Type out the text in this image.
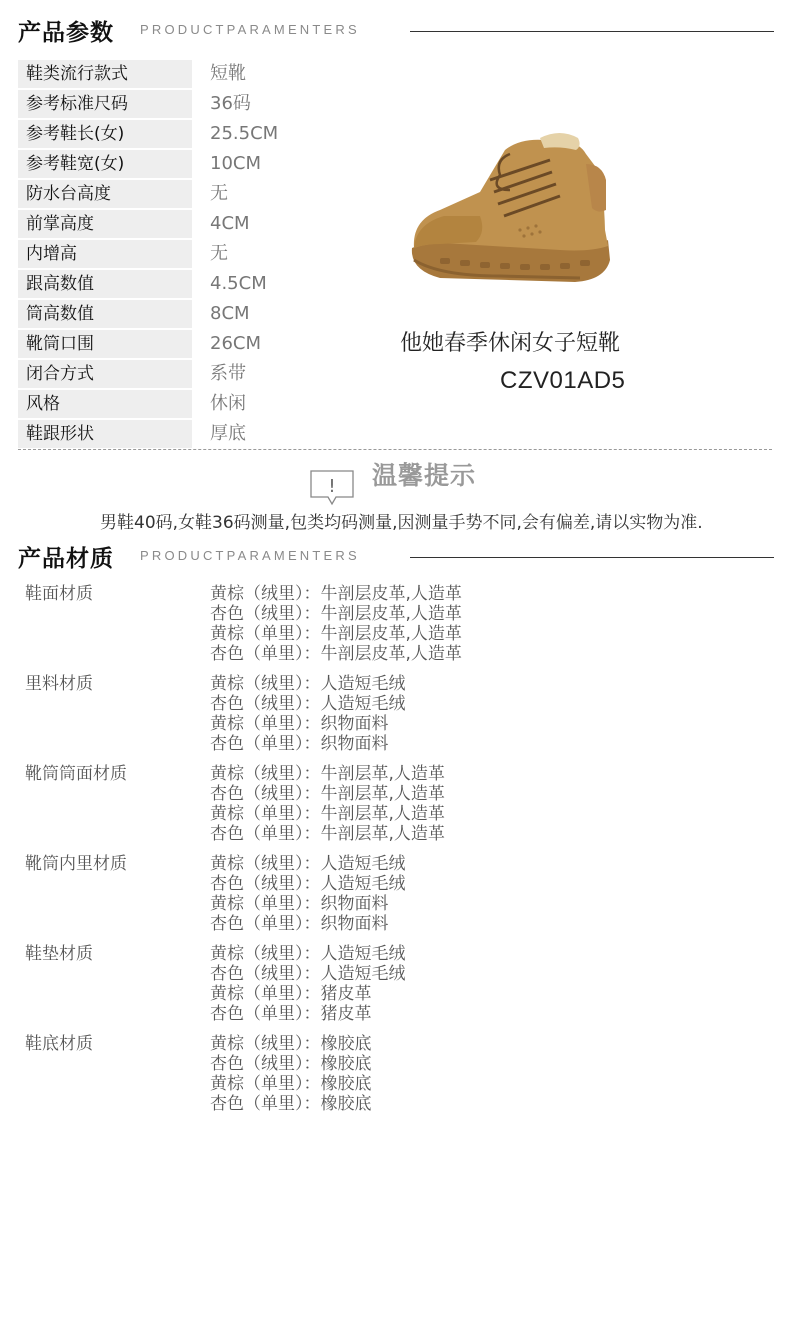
产品参数 PRODUCTPARAMENTERS
鞋类流行款式	短靴
参考标准尺码	36码
参考鞋长(女)	25.5CM
参考鞋宽(女)	10CM
防水台高度	无
前掌高度	4CM
内增高	无
跟高数值	4.5CM
筒高数值	8CM
靴筒口围	26CM
闭合方式	系带
风格	休闲
鞋跟形状	厚底
他她春季休闲女子短靴
CZV01AD5
! 温馨提示
男鞋40码,女鞋36码测量,包类均码测量,因测量手势不同,会有偏差,请以实物为准.
产品材质 PRODUCTPARAMENTERS
鞋面材质	黄棕（绒里）：牛剖层皮革,人造革
杏色（绒里）：牛剖层皮革,人造革
黄棕（单里）：牛剖层皮革,人造革
杏色（单里）：牛剖层皮革,人造革
里料材质	黄棕（绒里）：人造短毛绒
杏色（绒里）：人造短毛绒
黄棕（单里）：织物面料
杏色（单里）：织物面料
靴筒筒面材质	黄棕（绒里）：牛剖层革,人造革
杏色（绒里）：牛剖层革,人造革
黄棕（单里）：牛剖层革,人造革
杏色（单里）：牛剖层革,人造革
靴筒内里材质	黄棕（绒里）：人造短毛绒
杏色（绒里）：人造短毛绒
黄棕（单里）：织物面料
杏色（单里）：织物面料
鞋垫材质	黄棕（绒里）：人造短毛绒
杏色（绒里）：人造短毛绒
黄棕（单里）：猪皮革
杏色（单里）：猪皮革
鞋底材质	黄棕（绒里）：橡胶底
杏色（绒里）：橡胶底
黄棕（单里）：橡胶底
杏色（单里）：橡胶底
